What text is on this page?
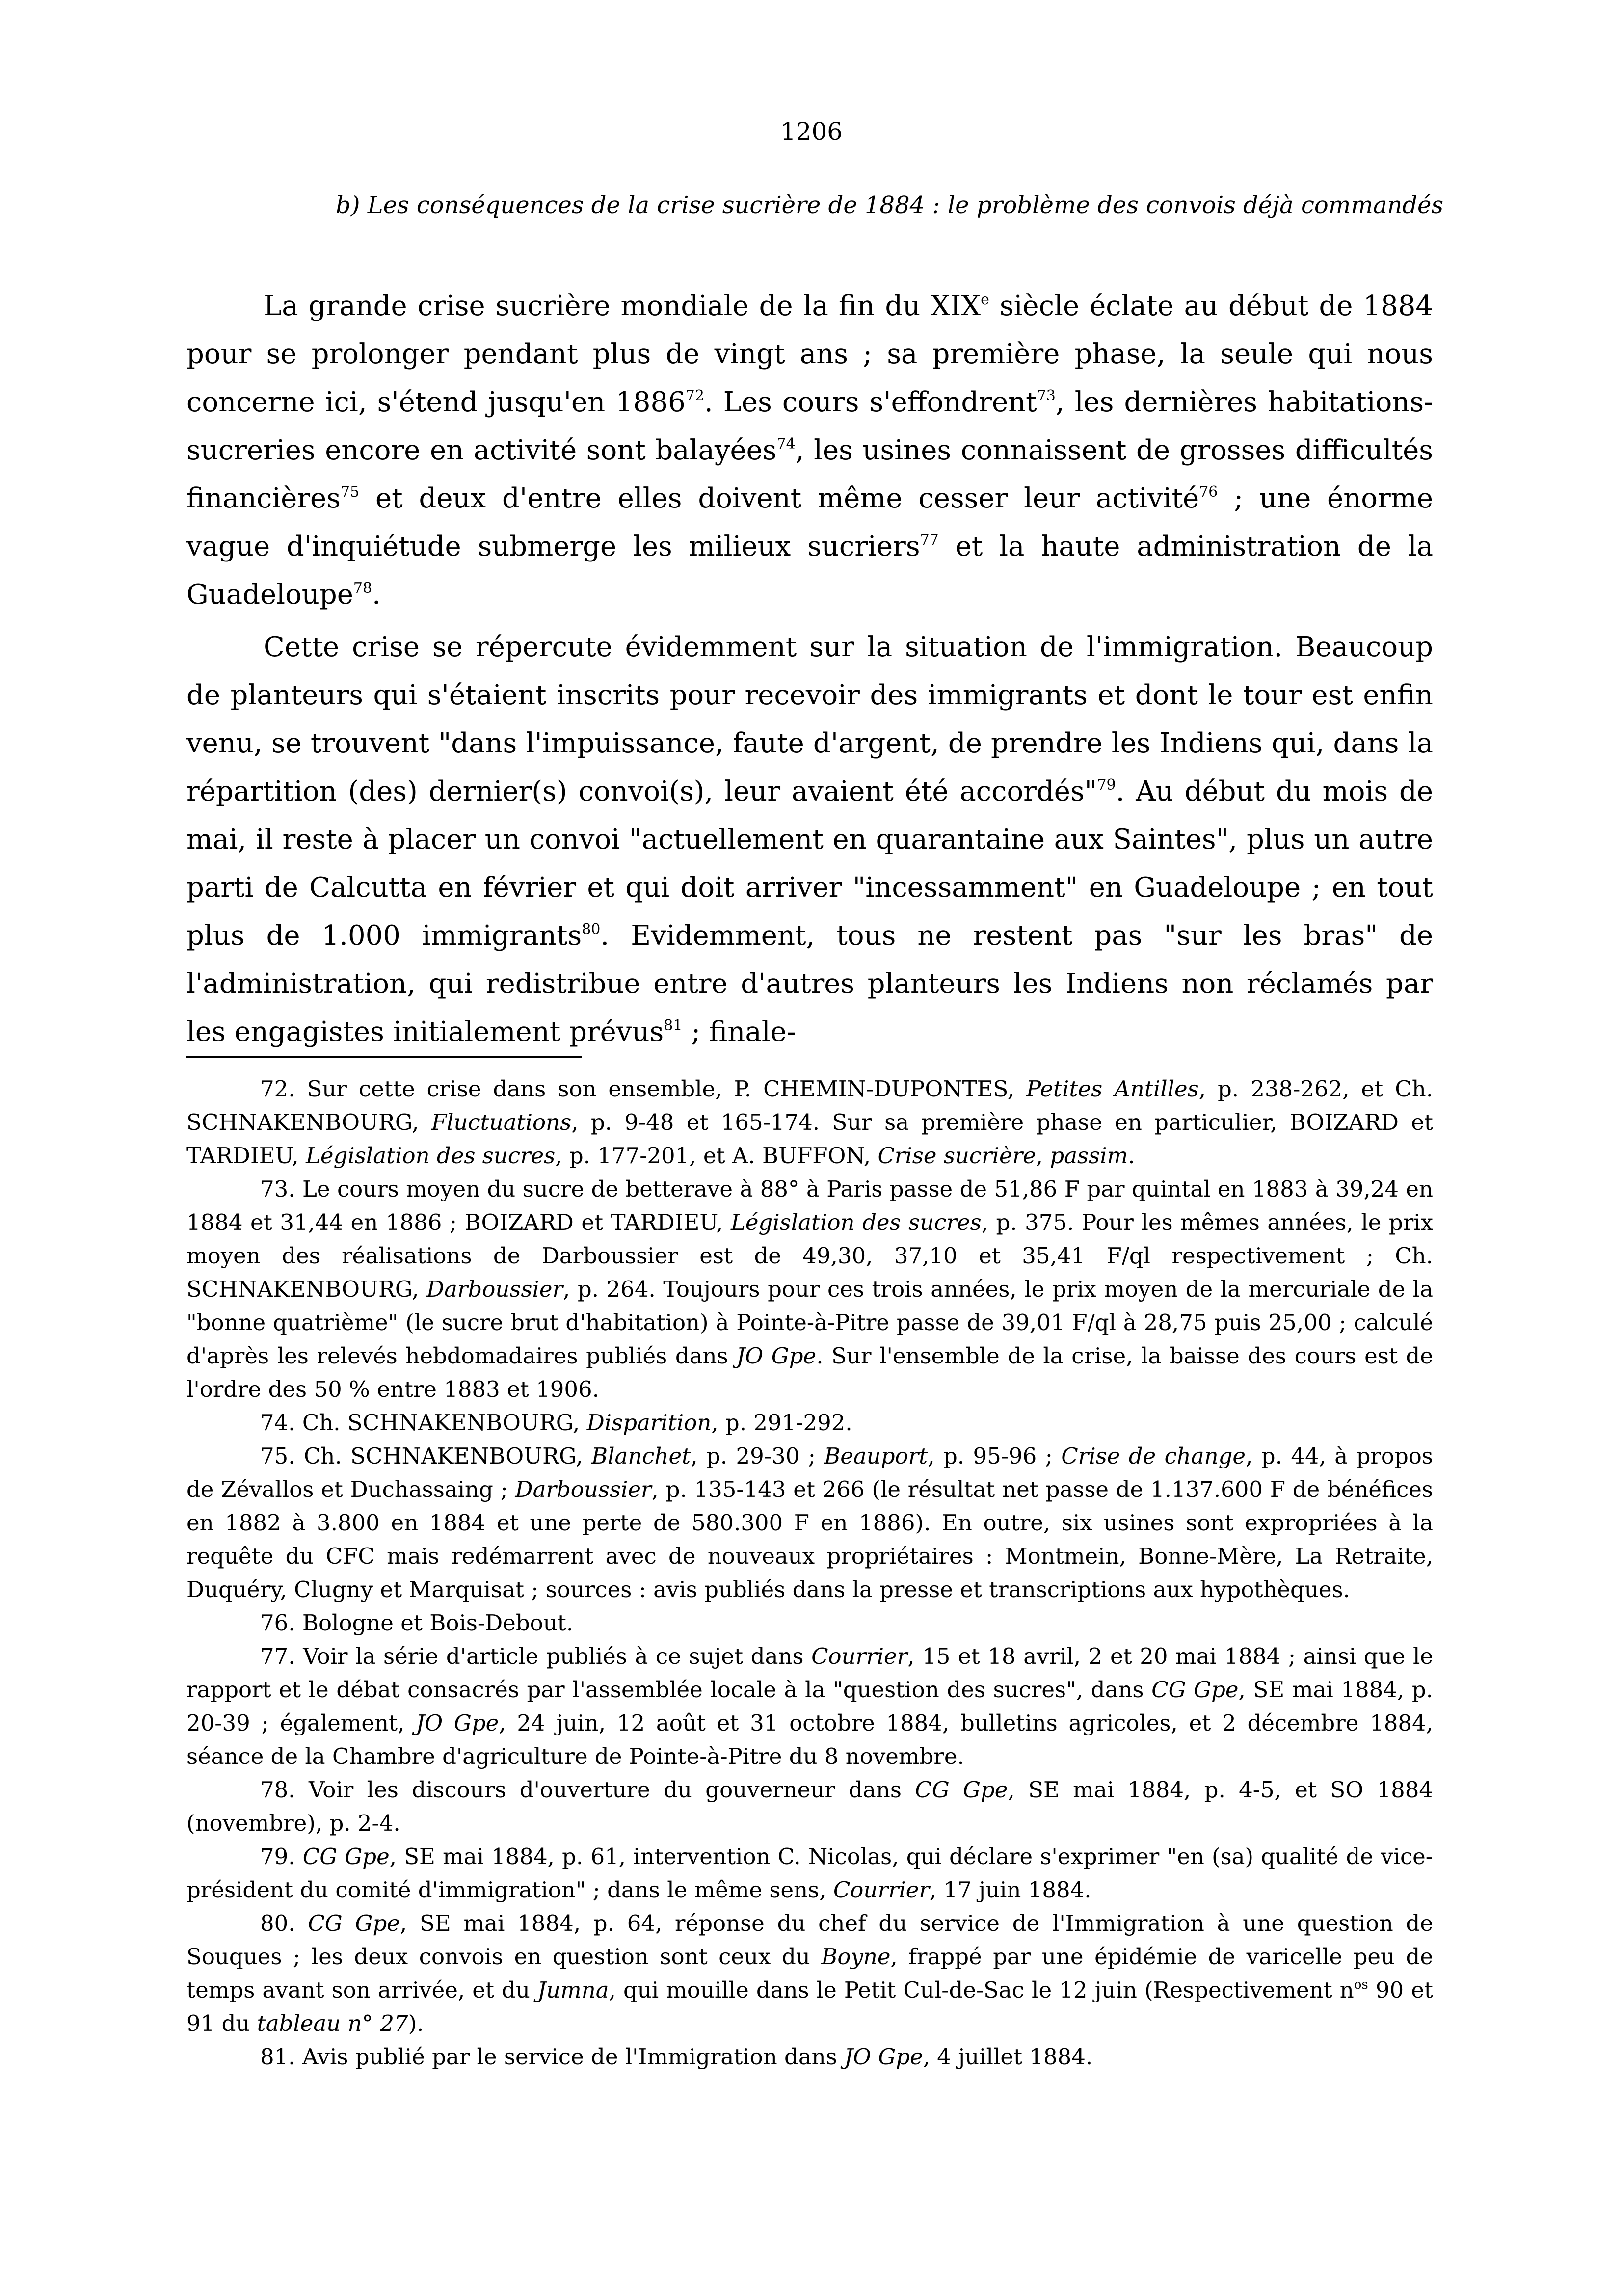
1206
b) Les conséquences de la crise sucrière de 1884 : le problème des convois déjà commandés

La grande crise sucrière mondiale de la fin du XIXe siècle éclate au début de 1884 pour se prolonger pendant plus de vingt ans ; sa première phase, la seule qui nous concerne ici, s'étend jusqu'en 1886$^{72}$. Les cours s'effondrent$^{73}$, les dernières habitations-sucreries encore en activité sont balayées$^{74}$, les usines connaissent de grosses difficultés financières$^{75}$ et deux d'entre elles doivent même cesser leur activité$^{76}$ ; une énorme vague d'inquiétude submerge les milieux sucriers$^{77}$ et la haute administration de la Guadeloupe$^{78}$.

Cette crise se répercute évidemment sur la situation de l'immigration. Beaucoup de planteurs qui s'étaient inscrits pour recevoir des immigrants et dont le tour est enfin venu, se trouvent "dans l'impuissance, faute d'argent, de prendre les Indiens qui, dans la répartition (des) dernier(s) convoi(s), leur avaient été accordés"$^{79}$. Au début du mois de mai, il reste à placer un convoi "actuellement en quarantaine aux Saintes", plus un autre parti de Calcutta en février et qui doit arriver "incessamment" en Guadeloupe ; en tout plus de 1.000 immigrants$^{80}$. Evidemment, tous ne restent pas "sur les bras" de l'administration, qui redistribue entre d'autres planteurs les Indiens non réclamés par les engagistes initialement prévus$^{81}$ ; finale-

72. Sur cette crise dans son ensemble, P. CHEMIN-DUPONTES, Petites Antilles, p. 238-262, et Ch. SCHNAKENBOURG, Fluctuations, p. 9-48 et 165-174. Sur sa première phase en particulier, BOIZARD et TARDIEU, Législation des sucres, p. 177-201, et A. BUFFON, Crise sucrière, passim.

73. Le cours moyen du sucre de betterave à 88° à Paris passe de 51,86 F par quintal en 1883 à 39,24 en 1884 et 31,44 en 1886 ; BOIZARD et TARDIEU, Législation des sucres, p. 375. Pour les mêmes années, le prix moyen des réalisations de Darboussier est de 49,30, 37,10 et 35,41 F/ql respectivement ; Ch. SCHNAKENBOURG, Darboussier, p. 264. Toujours pour ces trois années, le prix moyen de la mercuriale de la "bonne quatrième" (le sucre brut d'habitation) à Pointe-à-Pitre passe de 39,01 F/ql à 28,75 puis 25,00 ; calculé d'après les relevés hebdomadaires publiés dans JO Gpe. Sur l'ensemble de la crise, la baisse des cours est de l'ordre des 50 % entre 1883 et 1906.

74. Ch. SCHNAKENBOURG, Disparition, p. 291-292.

75. Ch. SCHNAKENBOURG, Blanchet, p. 29-30 ; Beauport, p. 95-96 ; Crise de change, p. 44, à propos de Zévallos et Duchassaing ; Darboussier, p. 135-143 et 266 (le résultat net passe de 1.137.600 F de bénéfices en 1882 à 3.800 en 1884 et une perte de 580.300 F en 1886). En outre, six usines sont expropriées à la requête du CFC mais redémarrent avec de nouveaux propriétaires : Montmein, Bonne-Mère, La Retraite, Duquéry, Clugny et Marquisat ; sources : avis publiés dans la presse et transcriptions aux hypothèques.

76. Bologne et Bois-Debout.

77. Voir la série d'article publiés à ce sujet dans Courrier, 15 et 18 avril, 2 et 20 mai 1884 ; ainsi que le rapport et le débat consacrés par l'assemblée locale à la "question des sucres", dans CG Gpe, SE mai 1884, p. 20-39 ; également, JO Gpe, 24 juin, 12 août et 31 octobre 1884, bulletins agricoles, et 2 décembre 1884, séance de la Chambre d'agriculture de Pointe-à-Pitre du 8 novembre.

78. Voir les discours d'ouverture du gouverneur dans CG Gpe, SE mai 1884, p. 4-5, et SO 1884 (novembre), p. 2-4.

79. CG Gpe, SE mai 1884, p. 61, intervention C. Nicolas, qui déclare s'exprimer "en (sa) qualité de vice-président du comité d'immigration" ; dans le même sens, Courrier, 17 juin 1884.

80. CG Gpe, SE mai 1884, p. 64, réponse du chef du service de l'Immigration à une question de Souques ; les deux convois en question sont ceux du Boyne, frappé par une épidémie de varicelle peu de temps avant son arrivée, et du Jumna, qui mouille dans le Petit Cul-de-Sac le 12 juin (Respectivement $n^{os}$ 90 et 91 du tableau n° 27).

81. Avis publié par le service de l'Immigration dans JO Gpe, 4 juillet 1884.
